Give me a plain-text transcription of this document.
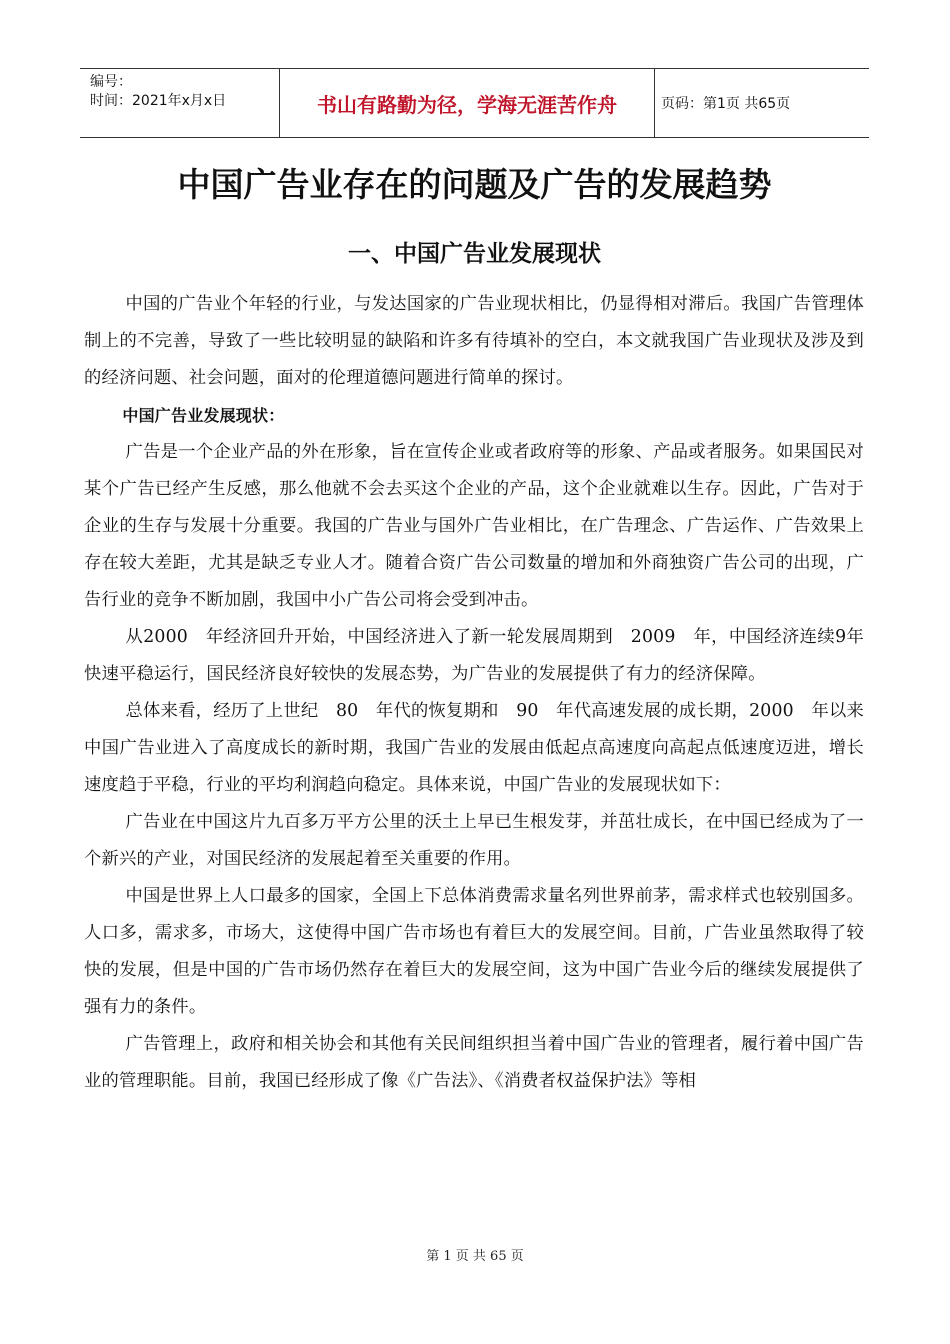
编号：
时间：2021年x月x日	书山有路勤为径，学海无涯苦作舟	页码：第1页 共65页
中国广告业存在的问题及广告的发展趋势
一、中国广告业发展现状

中国的广告业个年轻的行业，与发达国家的广告业现状相比，仍显得相对滞后。我国广告管理体制上的不完善，导致了一些比较明显的缺陷和许多有待填补的空白，本文就我国广告业现状及涉及到的经济问题、社会问题，面对的伦理道德问题进行简单的探讨。

中国广告业发展现状：

广告是一个企业产品的外在形象，旨在宣传企业或者政府等的形象、产品或者服务。如果国民对某个广告已经产生反感，那么他就不会去买这个企业的产品，这个企业就难以生存。因此，广告对于企业的生存与发展十分重要。我国的广告业与国外广告业相比，在广告理念、广告运作、广告效果上存在较大差距，尤其是缺乏专业人才。随着合资广告公司数量的增加和外商独资广告公司的出现，广告行业的竞争不断加剧，我国中小广告公司将会受到冲击。

从2000　年经济回升开始，中国经济进入了新一轮发展周期到　2009　年，中国经济连续9年快速平稳运行，国民经济良好较快的发展态势，为广告业的发展提供了有力的经济保障。

总体来看，经历了上世纪　80　年代的恢复期和　90　年代高速发展的成长期，2000　年以来中国广告业进入了高度成长的新时期，我国广告业的发展由低起点高速度向高起点低速度迈进，增长速度趋于平稳，行业的平均利润趋向稳定。具体来说，中国广告业的发展现状如下：

广告业在中国这片九百多万平方公里的沃土上早已生根发芽，并茁壮成长，在中国已经成为了一个新兴的产业，对国民经济的发展起着至关重要的作用。

中国是世界上人口最多的国家，全国上下总体消费需求量名列世界前茅，需求样式也较别国多。人口多，需求多，市场大，这使得中国广告市场也有着巨大的发展空间。目前，广告业虽然取得了较快的发展，但是中国的广告市场仍然存在着巨大的发展空间，这为中国广告业今后的继续发展提供了强有力的条件。

广告管理上，政府和相关协会和其他有关民间组织担当着中国广告业的管理者，履行着中国广告业的管理职能。目前，我国已经形成了像《广告法》、《消费者权益保护法》等相

第 1 页 共 65 页
